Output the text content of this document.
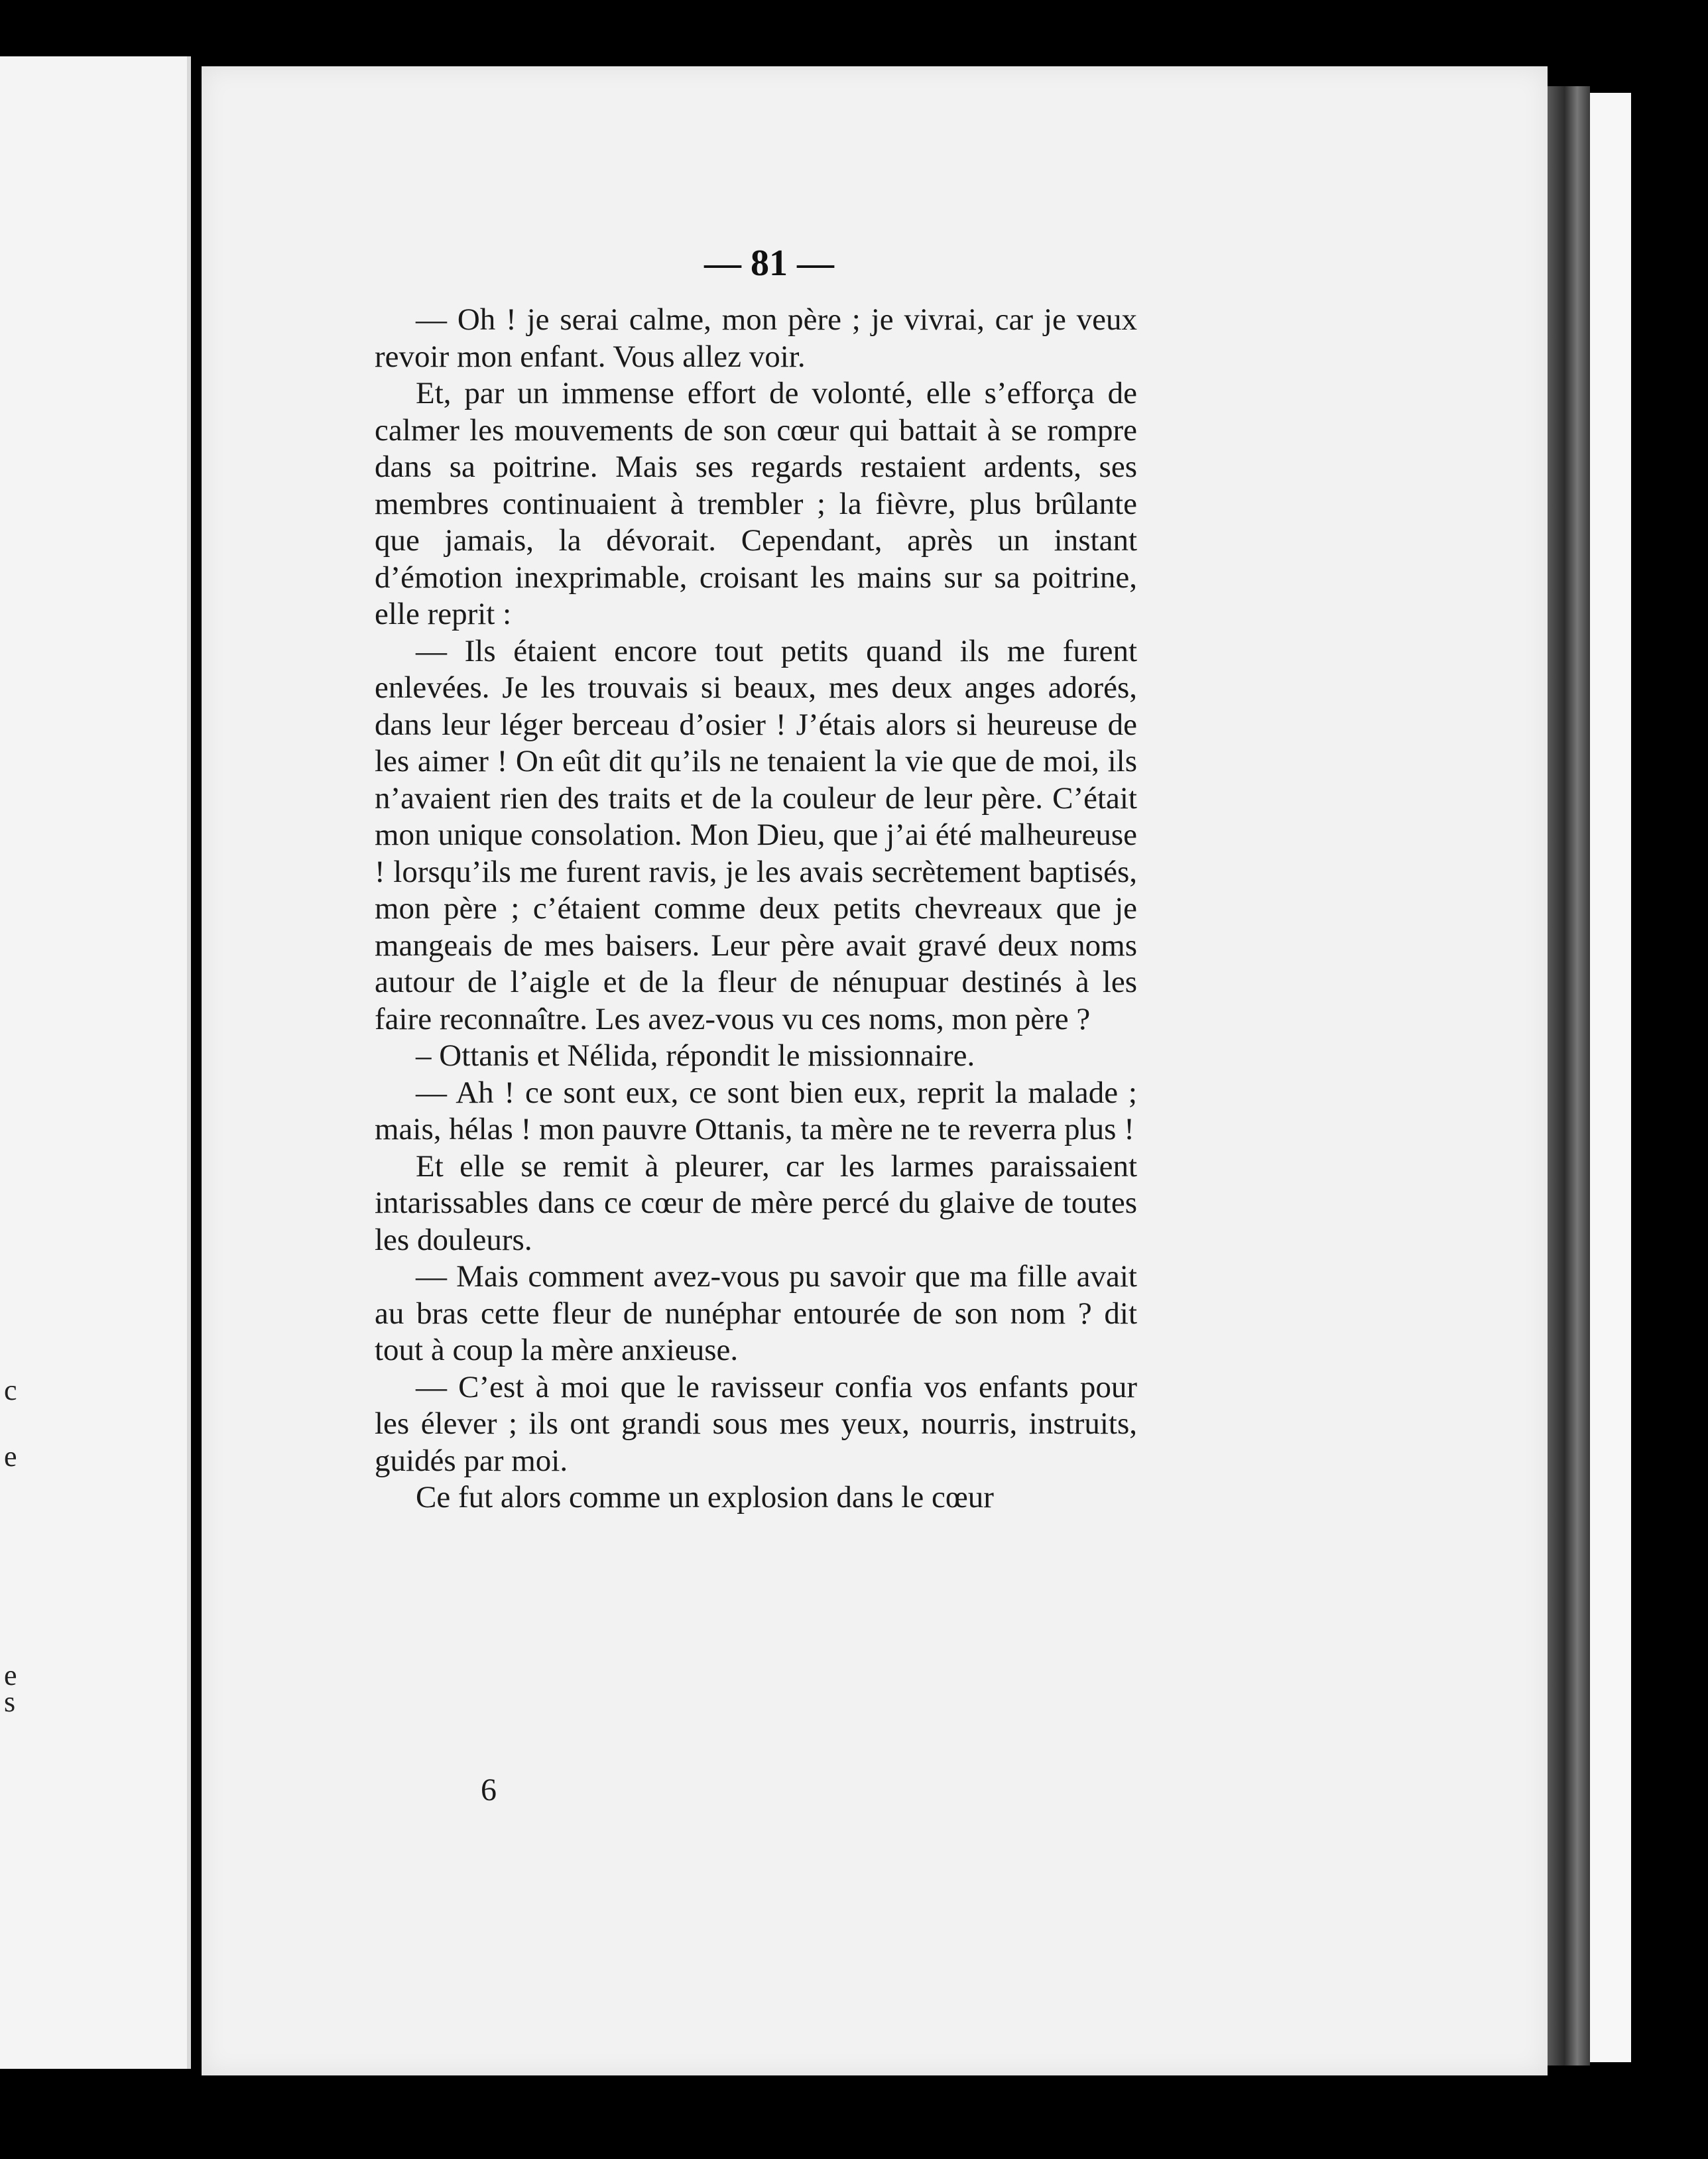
c
e
e
s
— 81 —

— Oh ! je serai calme, mon père ; je vivrai, car je veux revoir mon enfant. Vous allez voir.

Et, par un immense effort de volonté, elle s’efforça de calmer les mouvements de son cœur qui battait à se rompre dans sa poitrine. Mais ses regards restaient ardents, ses membres continuaient à trembler ; la fièvre, plus brûlante que jamais, la dévorait. Cependant, après un instant d’émotion inexprimable, croisant les mains sur sa poitrine, elle reprit :

— Ils étaient encore tout petits quand ils me furent enlevées. Je les trouvais si beaux, mes deux anges adorés, dans leur léger berceau d’osier ! J’étais alors si heureuse de les aimer ! On eût dit qu’ils ne tenaient la vie que de moi, ils n’avaient rien des traits et de la couleur de leur père. C’était mon unique consolation. Mon Dieu, que j’ai été malheureuse ! lorsqu’ils me furent ravis, je les avais secrètement baptisés, mon père ; c’étaient comme deux petits chevreaux que je mangeais de mes baisers. Leur père avait gravé deux noms autour de l’aigle et de la fleur de nénupuar destinés à les faire reconnaître. Les avez-vous vu ces noms, mon père ?

– Ottanis et Nélida, répondit le missionnaire.

— Ah ! ce sont eux, ce sont bien eux, reprit la malade ; mais, hélas ! mon pauvre Ottanis, ta mère ne te reverra plus !

Et elle se remit à pleurer, car les larmes paraissaient intarissables dans ce cœur de mère percé du glaive de toutes les douleurs.

— Mais comment avez-vous pu savoir que ma fille avait au bras cette fleur de nunéphar entourée de son nom ? dit tout à coup la mère anxieuse.

— C’est à moi que le ravisseur confia vos enfants pour les élever ; ils ont grandi sous mes yeux, nourris, instruits, guidés par moi.

Ce fut alors comme un explosion dans le cœur

6
